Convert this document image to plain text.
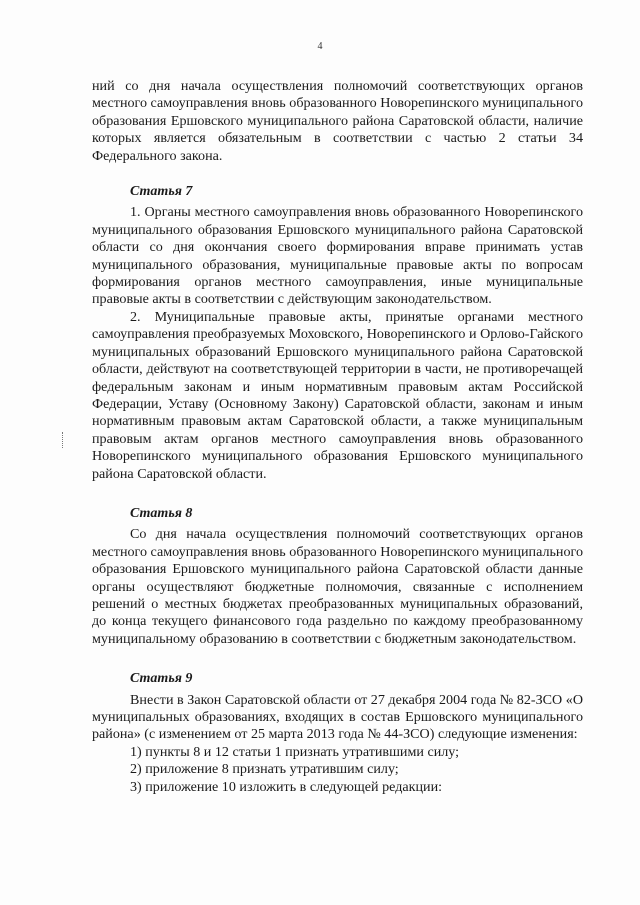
4

ний со дня начала осуществления полномочий соответствующих органов местного самоуправления вновь образованного Новорепинского муниципального образования Ершовского муниципального района Саратовской области, наличие которых является обязательным в соответствии с частью 2 статьи 34 Федерального закона.

Статья 7

1. Органы местного самоуправления вновь образованного Новорепинского муниципального образования Ершовского муниципального района Саратовской области со дня окончания своего формирования вправе принимать устав муниципального образования, муниципальные правовые акты по вопросам формирования органов местного самоуправления, иные муниципальные правовые акты в соответствии с действующим законодательством.

2. Муниципальные правовые акты, принятые органами местного самоуправления преобразуемых Моховского, Новорепинского и Орлово-Гайского муниципальных образований Ершовского муниципального района Саратовской области, действуют на соответствующей территории в части, не противоречащей федеральным законам и иным нормативным правовым актам Российской Федерации, Уставу (Основному Закону) Саратовской области, законам и иным нормативным правовым актам Саратовской области, а также муниципальным правовым актам органов местного самоуправления вновь образованного Новорепинского муниципального образования Ершовского муниципального района Саратовской области.

Статья 8

Со дня начала осуществления полномочий соответствующих органов местного самоуправления вновь образованного Новорепинского муниципального образования Ершовского муниципального района Саратовской области данные органы осуществляют бюджетные полномочия, связанные с исполнением решений о местных бюджетах преобразованных муниципальных образований, до конца текущего финансового года раздельно по каждому преобразованному муниципальному образованию в соответствии с бюджетным законодательством.

Статья 9

Внести в Закон Саратовской области от 27 декабря 2004 года № 82-ЗСО «О муниципальных образованиях, входящих в состав Ершовского муниципального района» (с изменением от 25 марта 2013 года № 44-ЗСО) следующие изменения:

1) пункты 8 и 12 статьи 1 признать утратившими силу;

2) приложение 8 признать утратившим силу;

3) приложение 10 изложить в следующей редакции:
